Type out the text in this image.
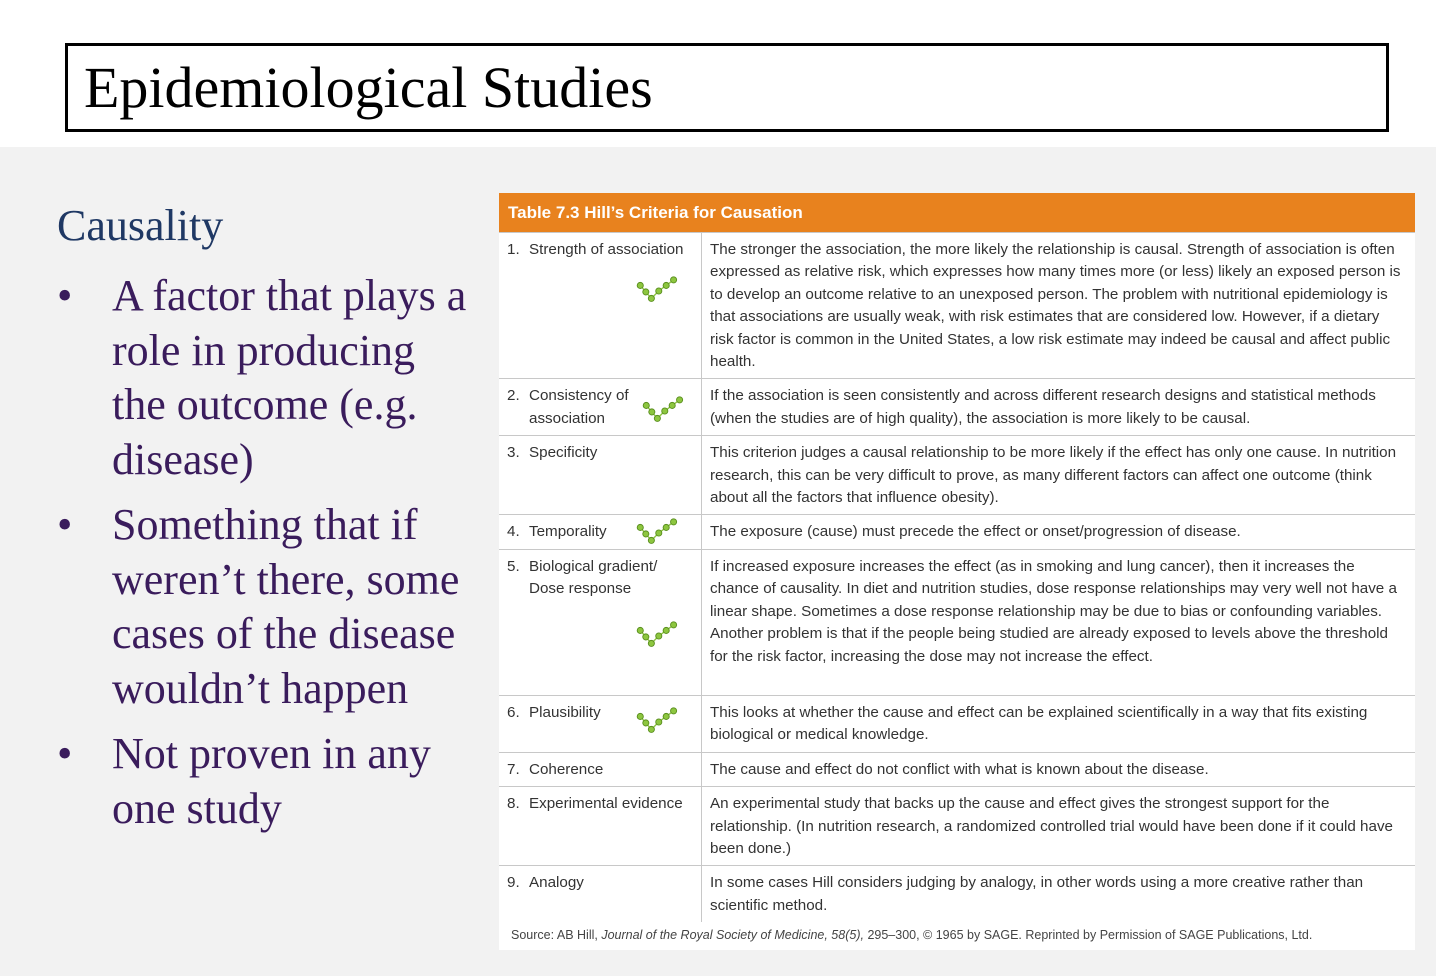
Epidemiological Studies
Causality
• A factor that plays a role in producing the outcome (e.g. disease)
• Something that if weren’t there, some cases of the disease wouldn’t happen
• Not proven in any one study
Table 7.3 Hill’s Criteria for Causation
1. Strength of association	The stronger the association, the more likely the relationship is causal. Strength of association is often expressed as relative risk, which expresses how many times more (or less) likely an exposed person is to develop an outcome relative to an unexposed person. The problem with nutritional epidemiology is that associations are usually weak, with risk estimates that are considered low. However, if a dietary risk factor is common in the United States, a low risk estimate may indeed be causal and affect public health.

2. Consistency of association	If the association is seen consistently and across different research designs and statistical methods (when the studies are of high quality), the association is more likely to be causal.

3. Specificity	This criterion judges a causal relationship to be more likely if the effect has only one cause. In nutrition research, this can be very difficult to prove, as many different factors can affect one outcome (think about all the factors that influence obesity).

4. Temporality	The exposure (cause) must precede the effect or onset/progression of disease.

5. Biological gradient/ Dose response	If increased exposure increases the effect (as in smoking and lung cancer), then it increases the chance of causality. In diet and nutrition studies, dose response relationships may very well not have a linear shape. Sometimes a dose response relationship may be due to bias or confounding variables. Another problem is that if the people being studied are already exposed to levels above the threshold for the risk factor, increasing the dose may not increase the effect.

6. Plausibility	This looks at whether the cause and effect can be explained scientifically in a way that fits existing biological or medical knowledge.

7. Coherence	The cause and effect do not conflict with what is known about the disease.

8. Experimental evidence	An experimental study that backs up the cause and effect gives the strongest support for the relationship. (In nutrition research, a randomized controlled trial would have been done if it could have been done.)

9. Analogy	In some cases Hill considers judging by analogy, in other words using a more creative rather than scientific method.
Source: AB Hill, Journal of the Royal Society of Medicine, 58(5), 295–300, © 1965 by SAGE. Reprinted by Permission of SAGE Publications, Ltd.
